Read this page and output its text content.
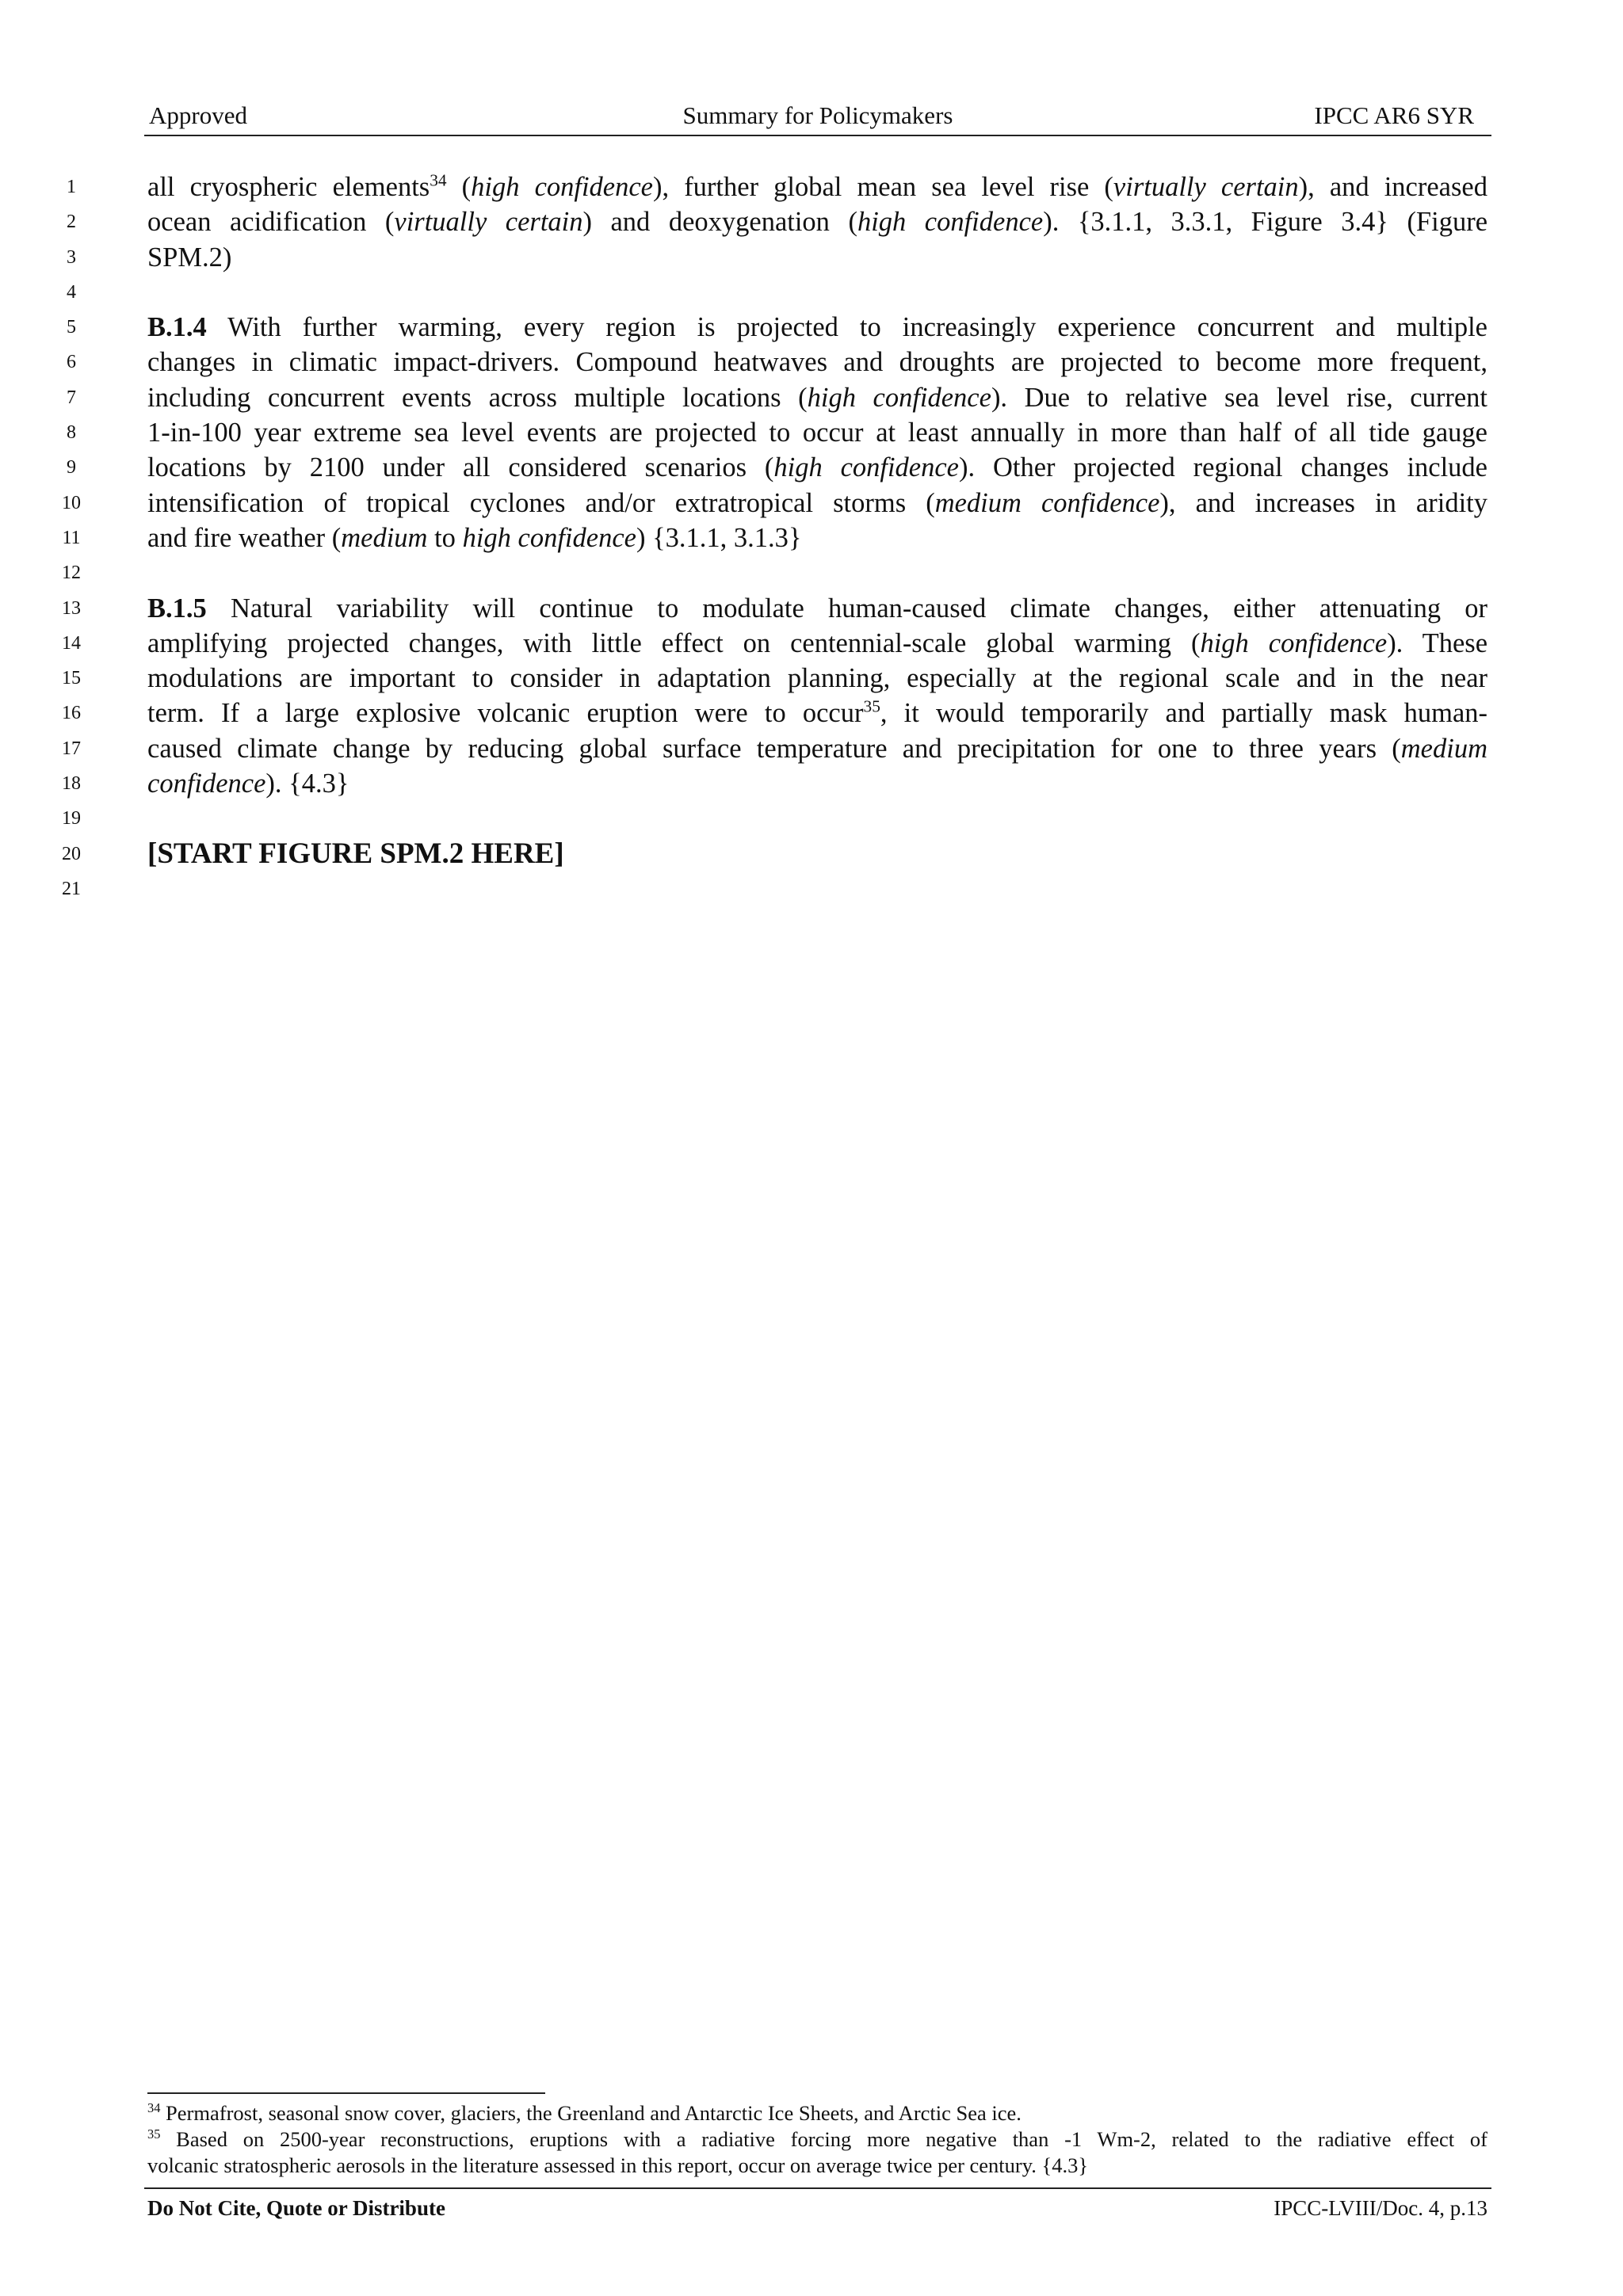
Approved	Summary for Policymakers	IPCC AR6 SYR
1	all cryospheric elements$^{34}$ (high confidence), further global mean sea level rise (virtually certain), and increased
2	ocean acidification (virtually certain) and deoxygenation (high confidence). {3.1.1, 3.3.1, Figure 3.4} (Figure
3	SPM.2)
4
5	B.1.4 With further warming, every region is projected to increasingly experience concurrent and multiple
6	changes in climatic impact-drivers. Compound heatwaves and droughts are projected to become more frequent,
7	including concurrent events across multiple locations (high confidence). Due to relative sea level rise, current
8	1-in-100 year extreme sea level events are projected to occur at least annually in more than half of all tide gauge
9	locations by 2100 under all considered scenarios (high confidence). Other projected regional changes include
10	intensification of tropical cyclones and/or extratropical storms (medium confidence), and increases in aridity
11	and fire weather (medium to high confidence) {3.1.1, 3.1.3}
12
13	B.1.5 Natural variability will continue to modulate human-caused climate changes, either attenuating or
14	amplifying projected changes, with little effect on centennial-scale global warming (high confidence). These
15	modulations are important to consider in adaptation planning, especially at the regional scale and in the near
16	term. If a large explosive volcanic eruption were to occur$^{35}$, it would temporarily and partially mask human-
17	caused climate change by reducing global surface temperature and precipitation for one to three years (medium
18	confidence). {4.3}
19
20	[START FIGURE SPM.2 HERE]
21
$^{34}$ Permafrost, seasonal snow cover, glaciers, the Greenland and Antarctic Ice Sheets, and Arctic Sea ice.
$^{35}$ Based on 2500-year reconstructions, eruptions with a radiative forcing more negative than -1 Wm-2, related to the radiative effect of
volcanic stratospheric aerosols in the literature assessed in this report, occur on average twice per century. {4.3}
Do Not Cite, Quote or Distribute	IPCC-LVIII/Doc. 4, p.13
